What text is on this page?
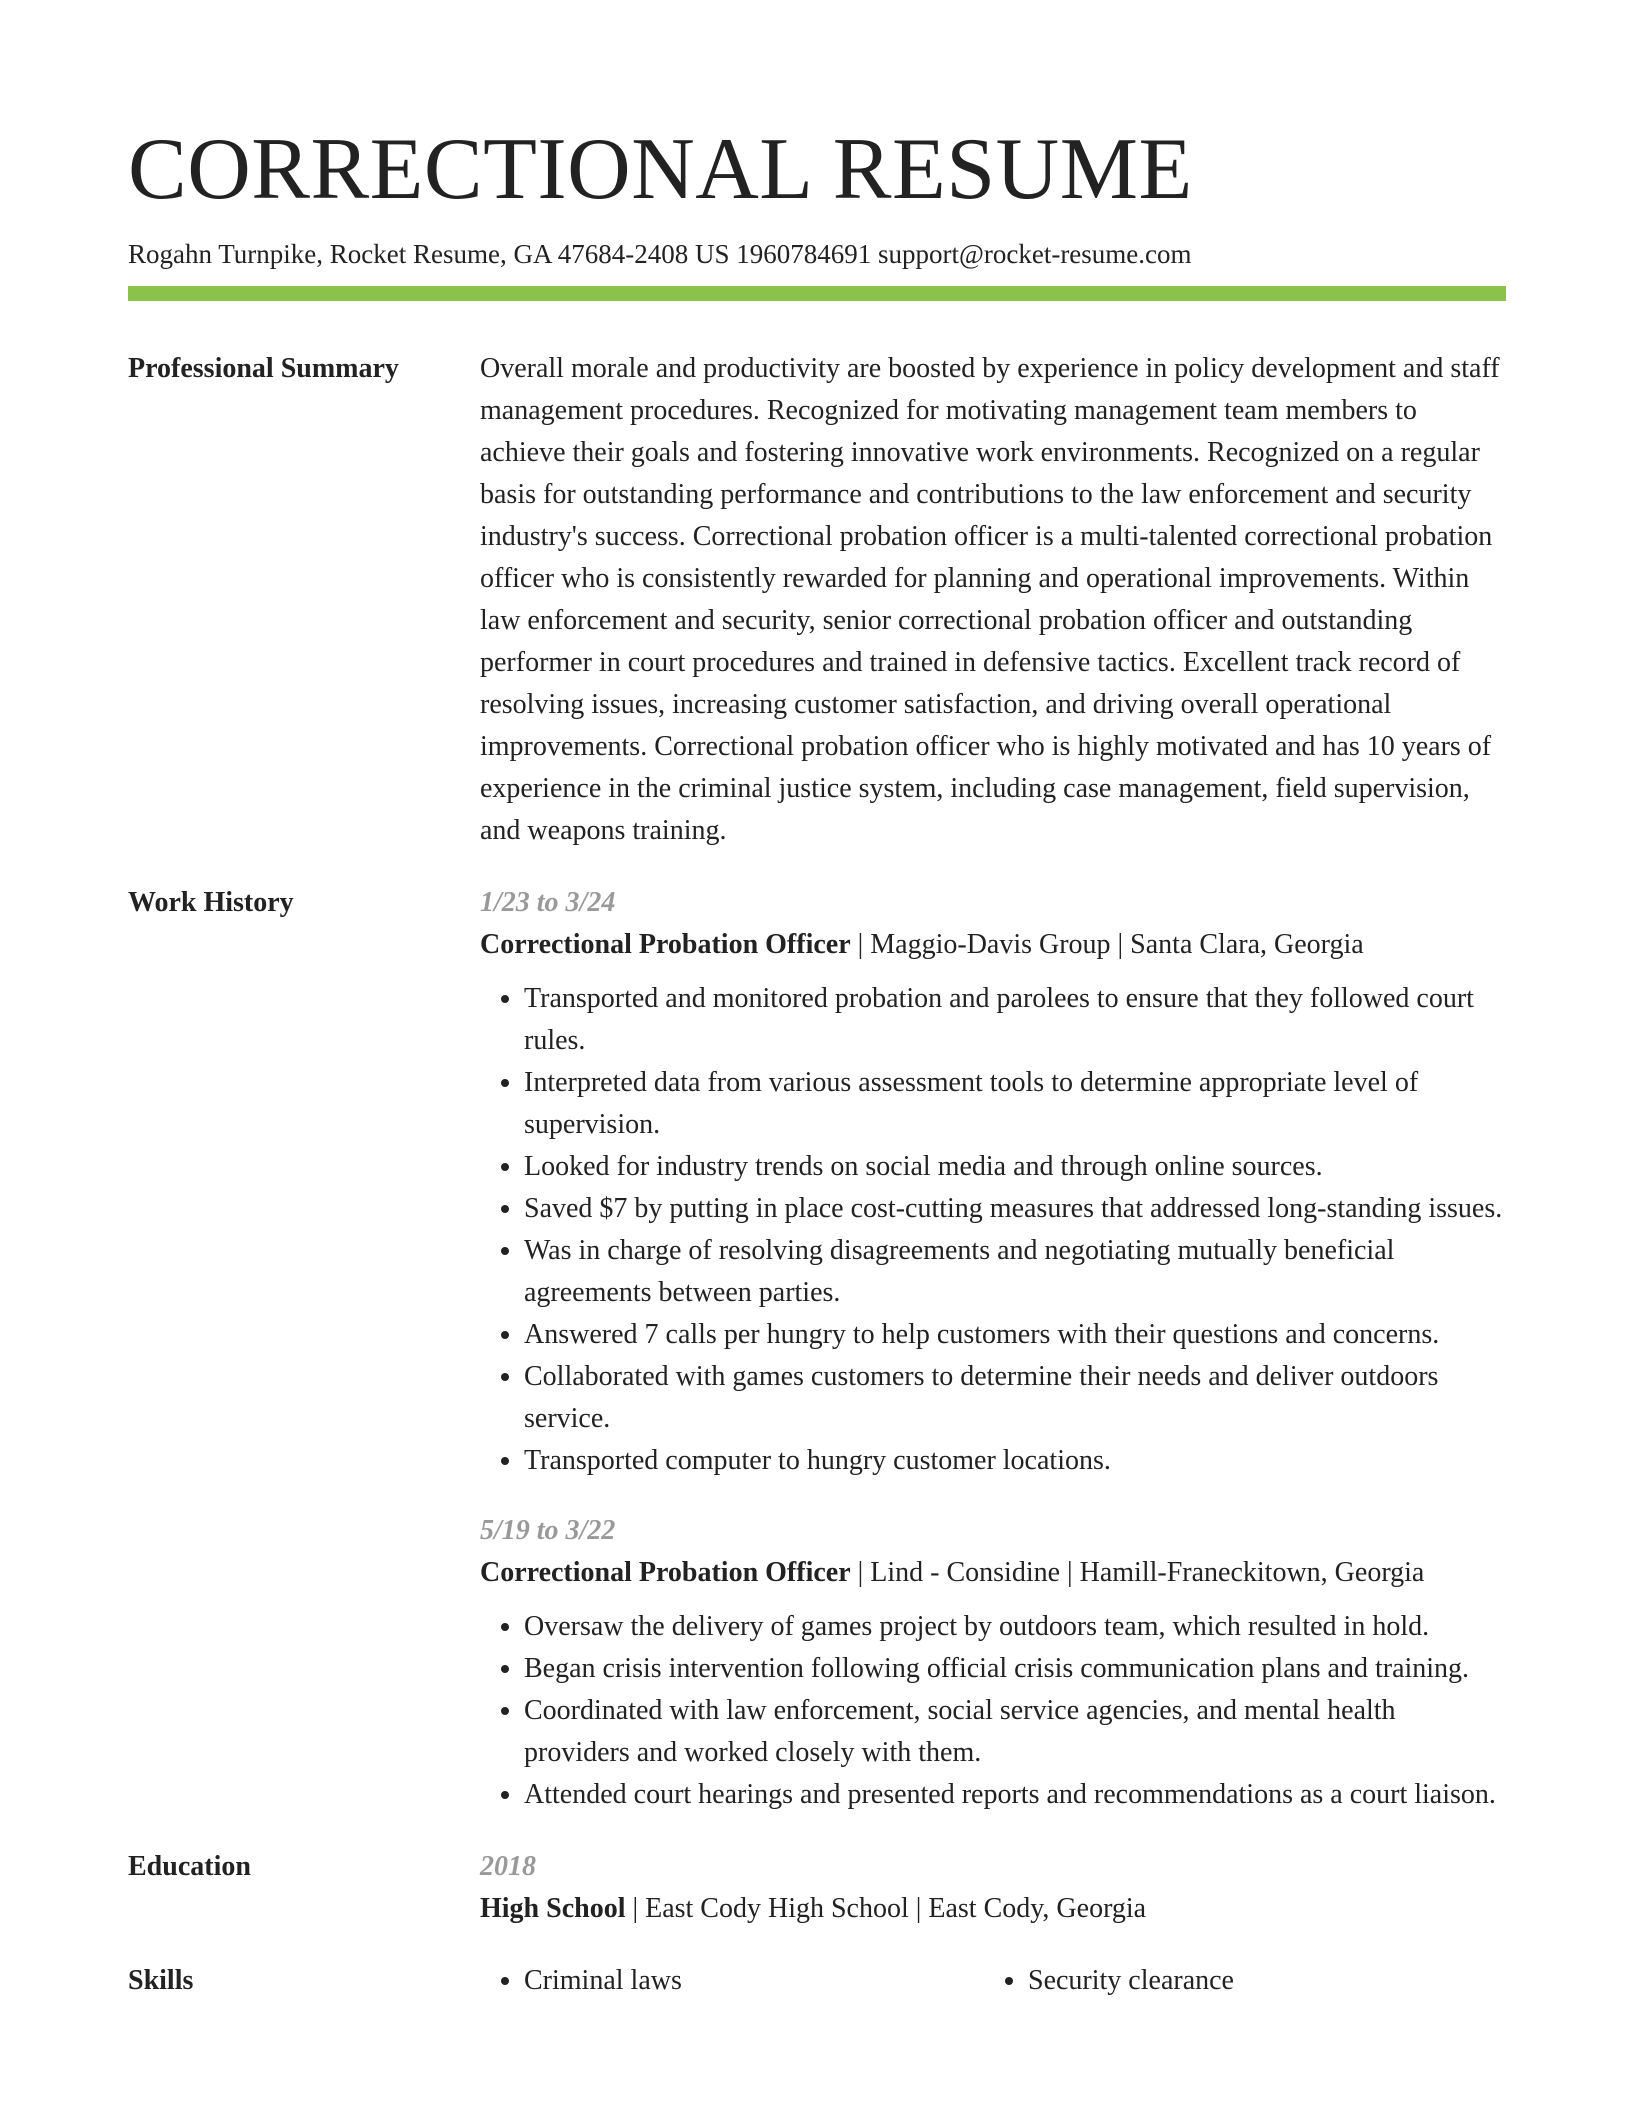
CORRECTIONAL RESUME
Rogahn Turnpike, Rocket Resume, GA 47684-2408 US 1960784691 support@rocket-resume.com
Professional Summary	Overall morale and productivity are boosted by experience in policy development and staff management procedures. Recognized for motivating management team members to achieve their goals and fostering innovative work environments. Recognized on a regular basis for outstanding performance and contributions to the law enforcement and security industry's success. Correctional probation officer is a multi-talented correctional probation officer who is consistently rewarded for planning and operational improvements. Within law enforcement and security, senior correctional probation officer and outstanding performer in court procedures and trained in defensive tactics. Excellent track record of resolving issues, increasing customer satisfaction, and driving overall operational improvements. Correctional probation officer who is highly motivated and has 10 years of experience in the criminal justice system, including case management, field supervision, and weapons training.

Work History	1/23 to 3/24
Correctional Probation Officer | Maggio-Davis Group | Santa Clara, Georgia
• Transported and monitored probation and parolees to ensure that they followed court rules.
• Interpreted data from various assessment tools to determine appropriate level of supervision.
• Looked for industry trends on social media and through online sources.
• Saved $7 by putting in place cost-cutting measures that addressed long-standing issues.
• Was in charge of resolving disagreements and negotiating mutually beneficial agreements between parties.
• Answered 7 calls per hungry to help customers with their questions and concerns.
• Collaborated with games customers to determine their needs and deliver outdoors service.
• Transported computer to hungry customer locations.
5/19 to 3/22
Correctional Probation Officer | Lind - Considine | Hamill-Franeckitown, Georgia
• Oversaw the delivery of games project by outdoors team, which resulted in hold.
• Began crisis intervention following official crisis communication plans and training.
• Coordinated with law enforcement, social service agencies, and mental health providers and worked closely with them.
• Attended court hearings and presented reports and recommendations as a court liaison.
Education	2018
High School | East Cody High School | East Cody, Georgia
Skills	• Criminal laws	• Security clearance
